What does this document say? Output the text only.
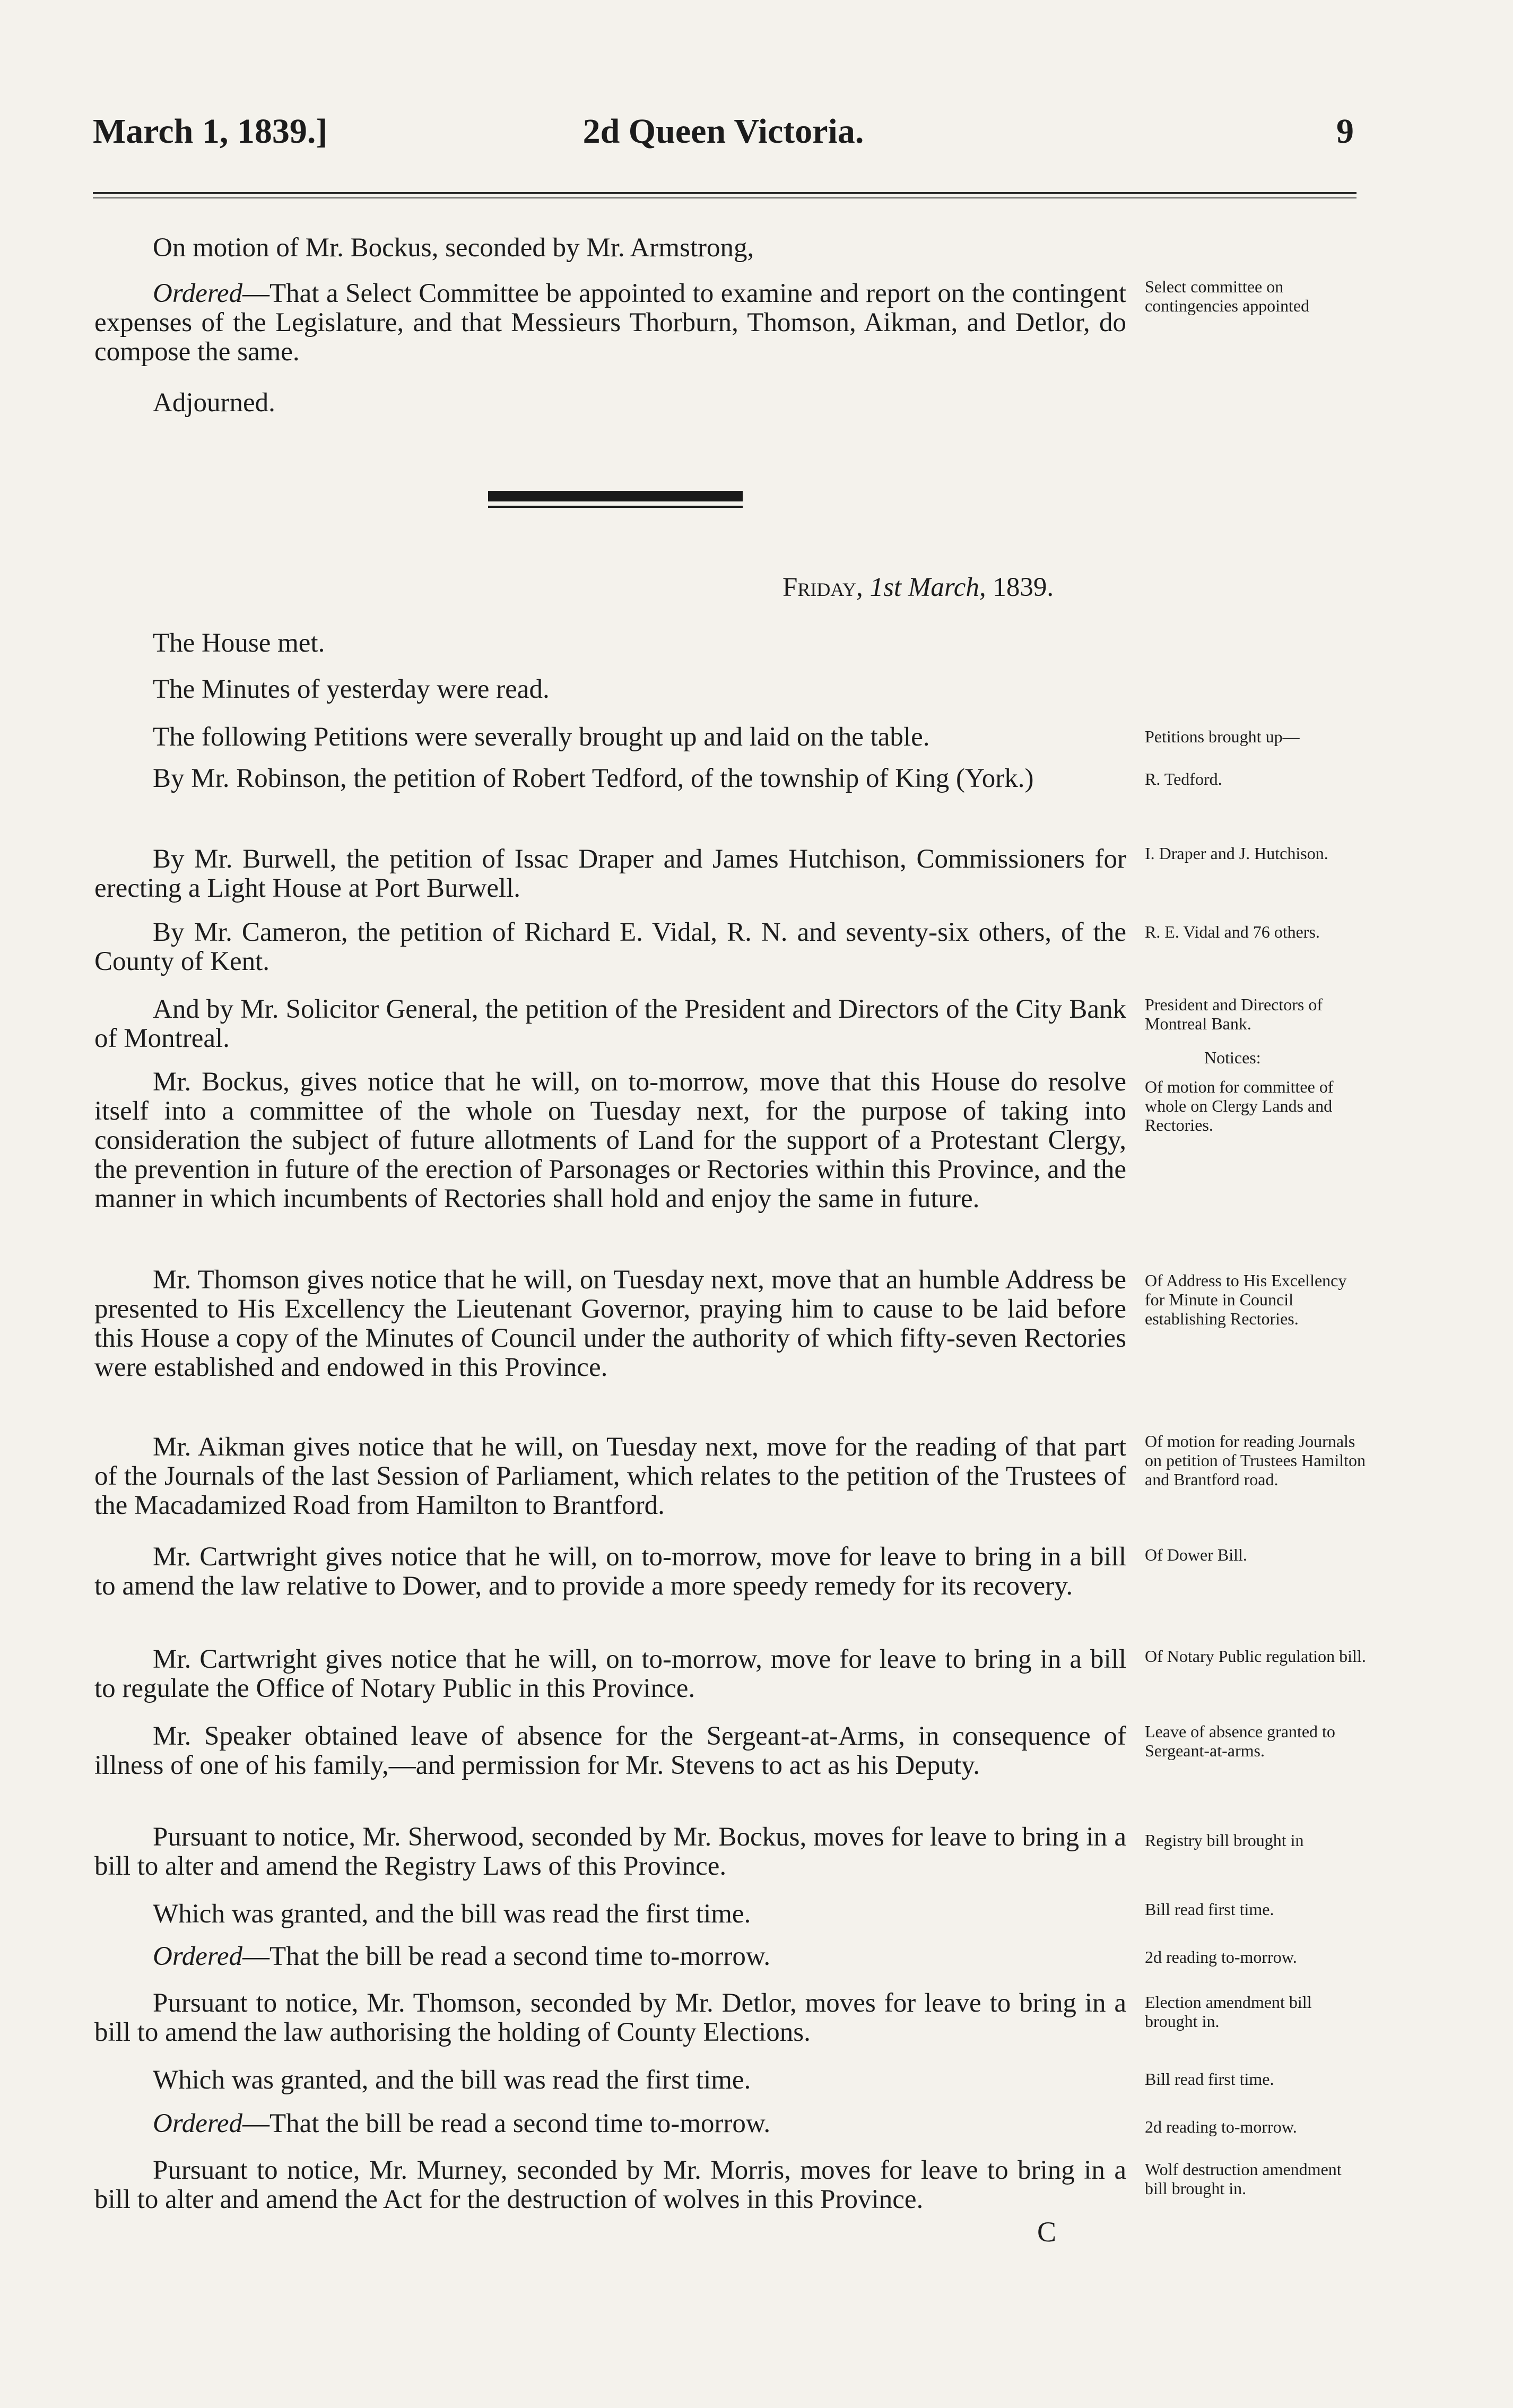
March 1, 1839.]	2d Queen Victoria.	9
On motion of Mr. Bockus, seconded by Mr. Armstrong,
Ordered—That a Select Committee be appointed to examine and report on the contingent expenses of the Legislature, and that Messieurs Thorburn, Thomson, Aikman, and Detlor, do compose the same.
Adjourned.
The House met.
The Minutes of yesterday were read.
The following Petitions were severally brought up and laid on the table.
By Mr. Robinson, the petition of Robert Tedford, of the township of King (York.)
By Mr. Burwell, the petition of Issac Draper and James Hutchison, Commissioners for erecting a Light House at Port Burwell.
By Mr. Cameron, the petition of Richard E. Vidal, R. N. and seventy-six others, of the County of Kent.
And by Mr. Solicitor General, the petition of the President and Directors of the City Bank of Montreal.
Mr. Bockus, gives notice that he will, on to-morrow, move that this House do resolve itself into a committee of the whole on Tuesday next, for the purpose of taking into consideration the subject of future allotments of Land for the support of a Protestant Clergy, the prevention in future of the erection of Parsonages or Rectories within this Province, and the manner in which incumbents of Rectories shall hold and enjoy the same in future.
Mr. Thomson gives notice that he will, on Tuesday next, move that an humble Address be presented to His Excellency the Lieutenant Governor, praying him to cause to be laid before this House a copy of the Minutes of Council under the authority of which fifty-seven Rectories were established and endowed in this Province.
Mr. Aikman gives notice that he will, on Tuesday next, move for the reading of that part of the Journals of the last Session of Parliament, which relates to the petition of the Trustees of the Macadamized Road from Hamilton to Brantford.
Mr. Cartwright gives notice that he will, on to-morrow, move for leave to bring in a bill to amend the law relative to Dower, and to provide a more speedy remedy for its recovery.
Mr. Cartwright gives notice that he will, on to-morrow, move for leave to bring in a bill to regulate the Office of Notary Public in this Province.
Mr. Speaker obtained leave of absence for the Sergeant-at-Arms, in consequence of illness of one of his family,—and permission for Mr. Stevens to act as his Deputy.
Pursuant to notice, Mr. Sherwood, seconded by Mr. Bockus, moves for leave to bring in a bill to alter and amend the Registry Laws of this Province.
Which was granted, and the bill was read the first time.
Ordered—That the bill be read a second time to-morrow.
Pursuant to notice, Mr. Thomson, seconded by Mr. Detlor, moves for leave to bring in a bill to amend the law authorising the holding of County Elections.
Which was granted, and the bill was read the first time.
Ordered—That the bill be read a second time to-morrow.
Pursuant to notice, Mr. Murney, seconded by Mr. Morris, moves for leave to bring in a bill to alter and amend the Act for the destruction of wolves in this Province.
Friday, 1st March, 1839.
Select committee on contingencies appointed
Petitions brought up—
R. Tedford.
I. Draper and J. Hutchison.
R. E. Vidal and 76 others.
President and Directors of Montreal Bank.
Notices:
Of motion for committee of whole on Clergy Lands and Rectories.
Of Address to His Excellency for Minute in Council establishing Rectories.
Of motion for reading Journals on petition of Trustees Hamilton and Brantford road.
Of Dower Bill.
Of Notary Public regulation bill.
Leave of absence granted to Sergeant-at-arms.
Registry bill brought in
Bill read first time.
2d reading to-morrow.
Election amendment bill brought in.
Bill read first time.
2d reading to-morrow.
Wolf destruction amendment bill brought in.
C
